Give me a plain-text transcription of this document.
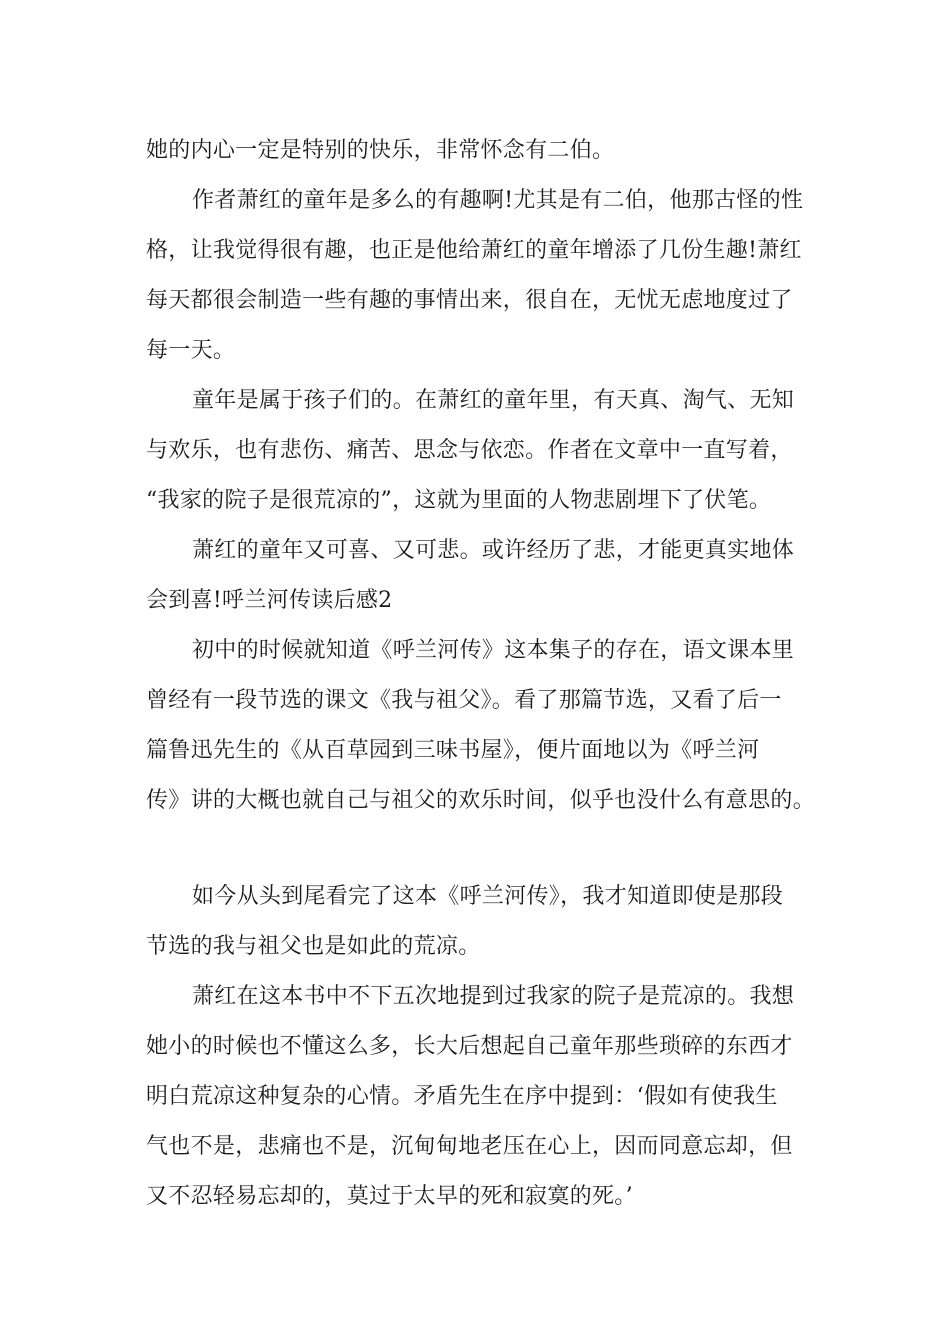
她的内心一定是特别的快乐，非常怀念有二伯。
作者萧红的童年是多么的有趣啊!尤其是有二伯，他那古怪的性
格，让我觉得很有趣，也正是他给萧红的童年增添了几份生趣!萧红
每天都很会制造一些有趣的事情出来，很自在，无忧无虑地度过了
每一天。
童年是属于孩子们的。在萧红的童年里，有天真、淘气、无知
与欢乐，也有悲伤、痛苦、思念与依恋。作者在文章中一直写着，
“我家的院子是很荒凉的”，这就为里面的人物悲剧埋下了伏笔。
萧红的童年又可喜、又可悲。或许经历了悲，才能更真实地体
会到喜!呼兰河传读后感2
初中的时候就知道《呼兰河传》这本集子的存在，语文课本里
曾经有一段节选的课文《我与祖父》。看了那篇节选，又看了后一
篇鲁迅先生的《从百草园到三味书屋》，便片面地以为《呼兰河
传》讲的大概也就自己与祖父的欢乐时间，似乎也没什么有意思的。
如今从头到尾看完了这本《呼兰河传》，我才知道即使是那段
节选的我与祖父也是如此的荒凉。
萧红在这本书中不下五次地提到过我家的院子是荒凉的。我想
她小的时候也不懂这么多，长大后想起自己童年那些琐碎的东西才
明白荒凉这种复杂的心情。矛盾先生在序中提到：‘假如有使我生
气也不是，悲痛也不是，沉甸甸地老压在心上，因而同意忘却，但
又不忍轻易忘却的，莫过于太早的死和寂寞的死。’
